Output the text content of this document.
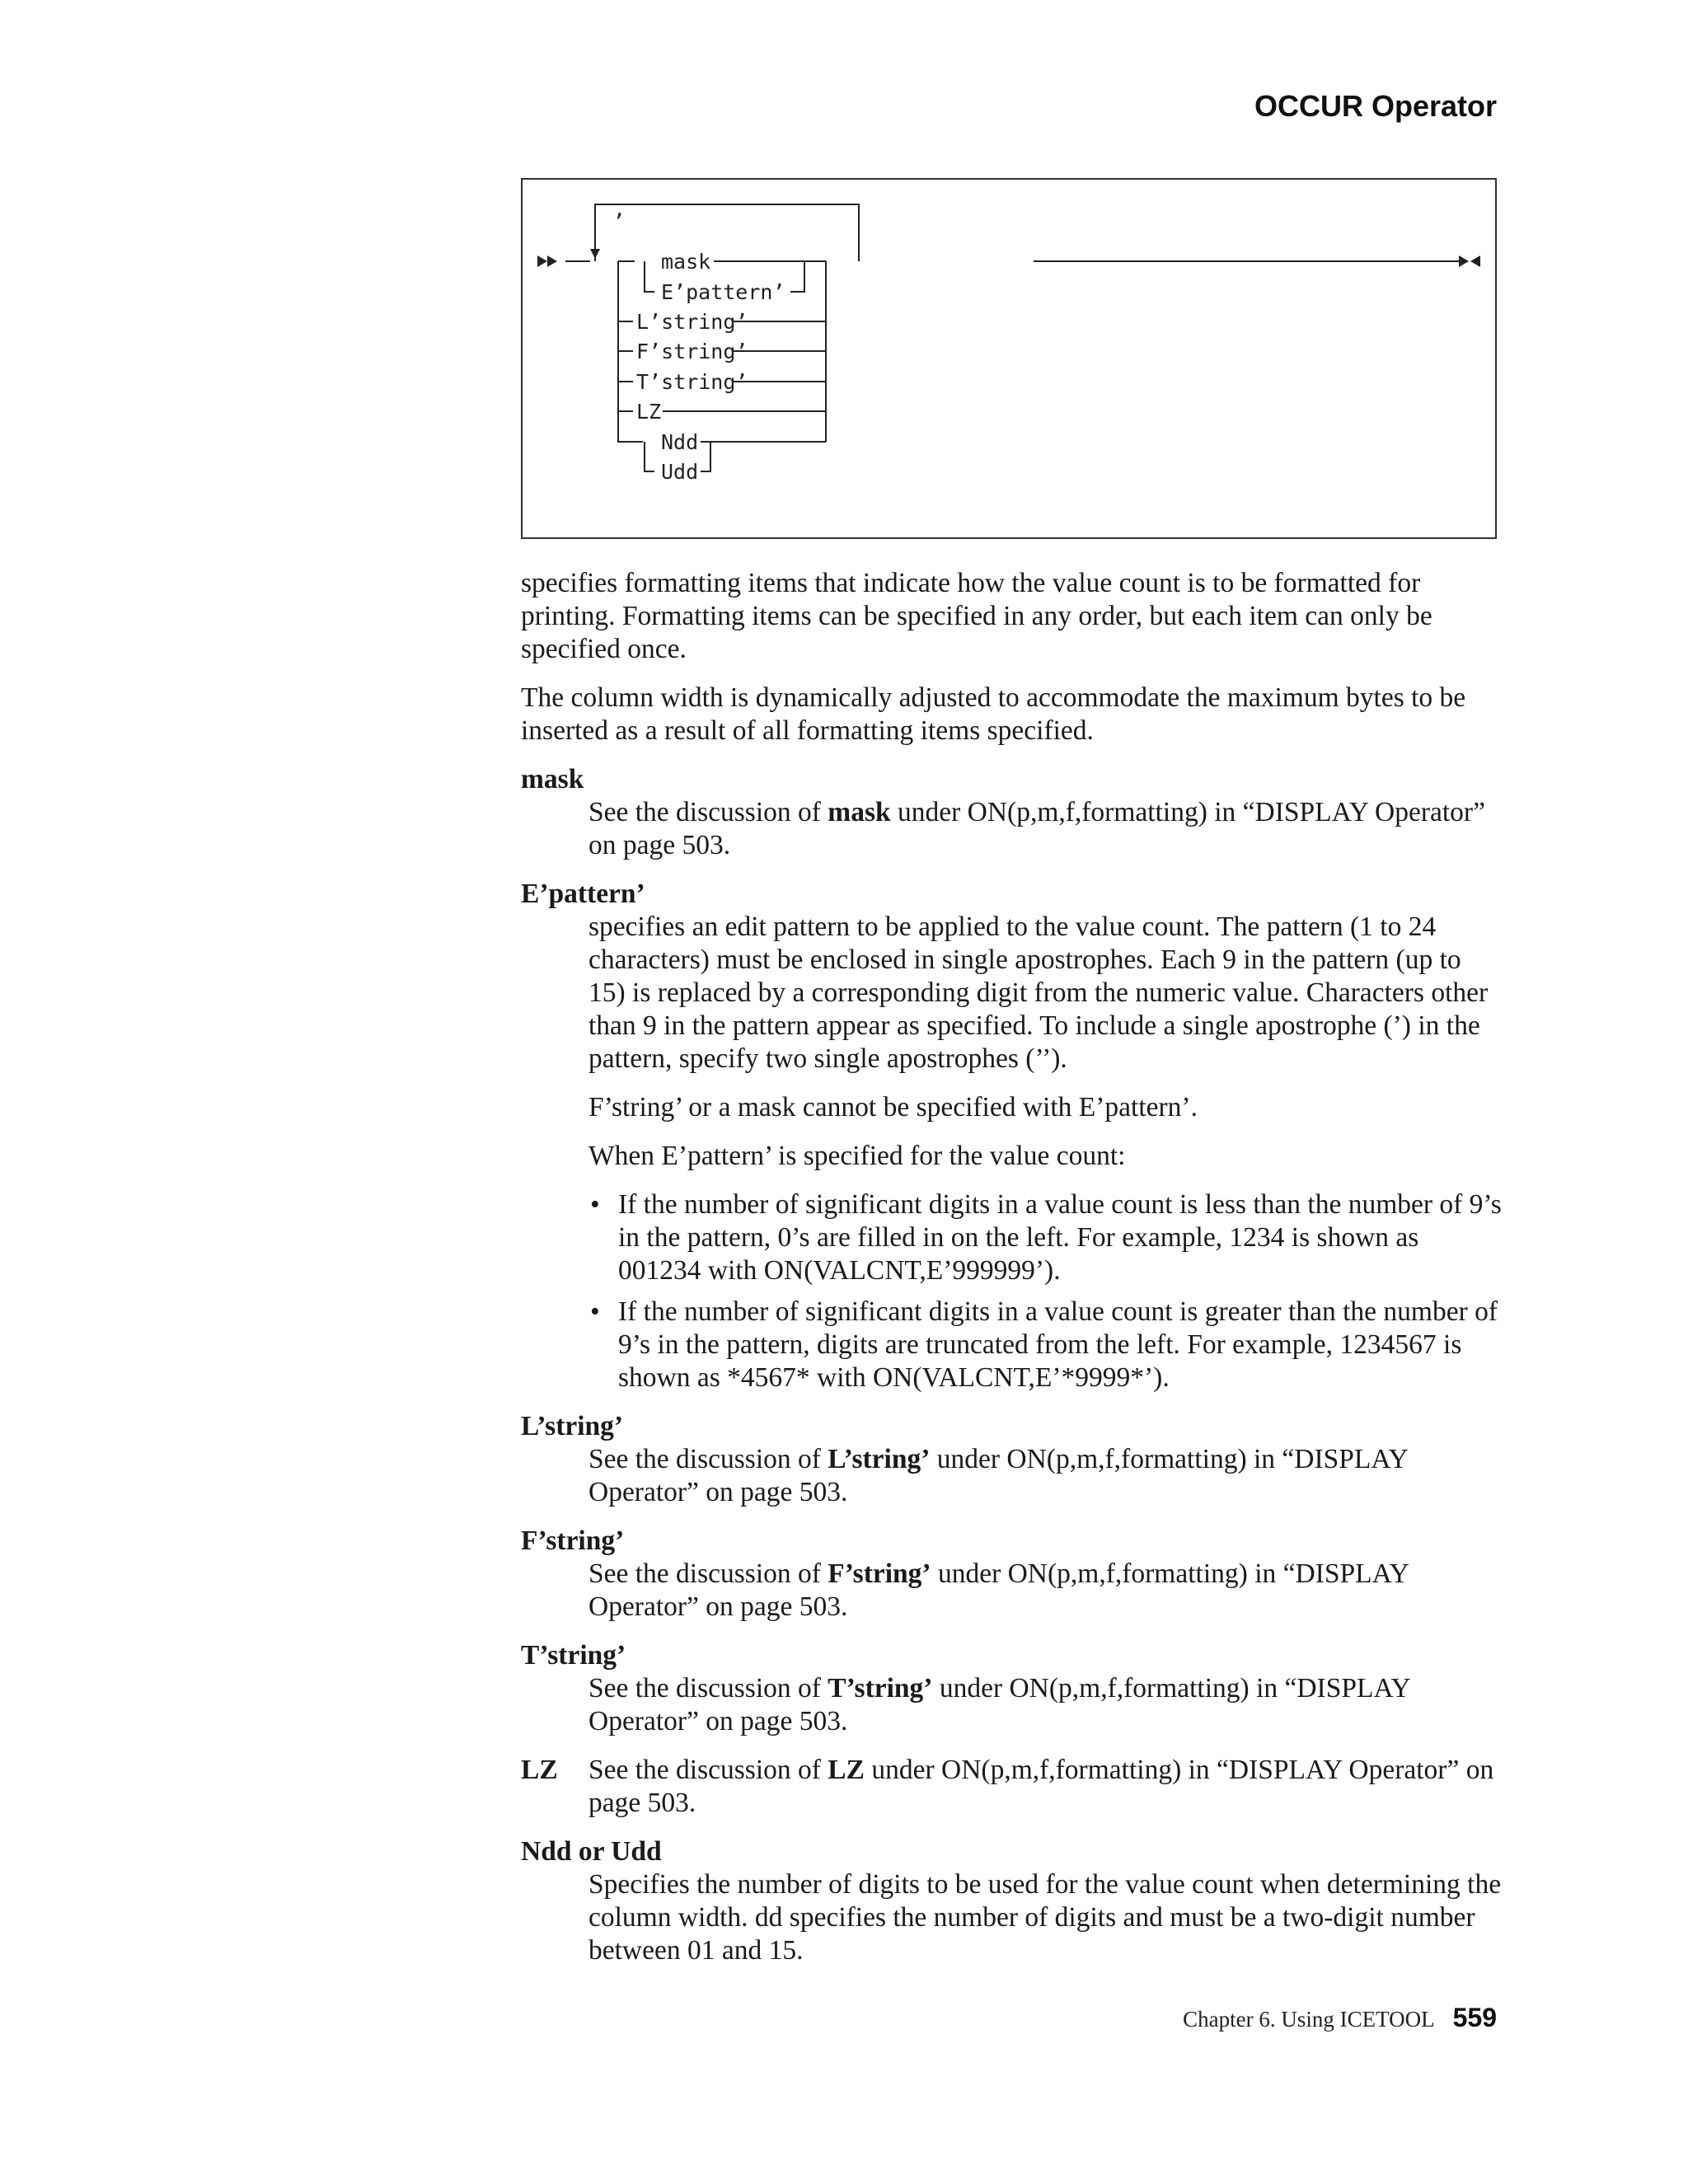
OCCUR Operator
,
mask
E’pattern’
L’string’
F’string’
T’string’
LZ
Ndd
Udd

specifies formatting items that indicate how the value count is to be formatted for printing. Formatting items can be specified in any order, but each item can only be specified once.

The column width is dynamically adjusted to accommodate the maximum bytes to be inserted as a result of all formatting items specified.

mask
See the discussion of mask under ON(p,m,f,formatting) in “DISPLAY Operator” on page 503.
E’pattern’

specifies an edit pattern to be applied to the value count. The pattern (1 to 24 characters) must be enclosed in single apostrophes. Each 9 in the pattern (up to 15) is replaced by a corresponding digit from the numeric value. Characters other than 9 in the pattern appear as specified. To include a single apostrophe (’) in the pattern, specify two single apostrophes (’’).

F’string’ or a mask cannot be specified with E’pattern’.

When E’pattern’ is specified for the value count:

• If the number of significant digits in a value count is less than the number of 9’s in the pattern, 0’s are filled in on the left. For example, 1234 is shown as 001234 with ON(VALCNT,E’999999’).
• If the number of significant digits in a value count is greater than the number of 9’s in the pattern, digits are truncated from the left. For example, 1234567 is shown as *4567* with ON(VALCNT,E’*9999*’).
L’string’
See the discussion of L’string’ under ON(p,m,f,formatting) in “DISPLAY Operator” on page 503.
F’string’
See the discussion of F’string’ under ON(p,m,f,formatting) in “DISPLAY Operator” on page 503.
T’string’
See the discussion of T’string’ under ON(p,m,f,formatting) in “DISPLAY Operator” on page 503.
LZ	See the discussion of LZ under ON(p,m,f,formatting) in “DISPLAY Operator” on page 503.
Ndd or Udd
Specifies the number of digits to be used for the value count when determining the column width. dd specifies the number of digits and must be a two-digit number between 01 and 15.
Chapter 6. Using ICETOOL 559
